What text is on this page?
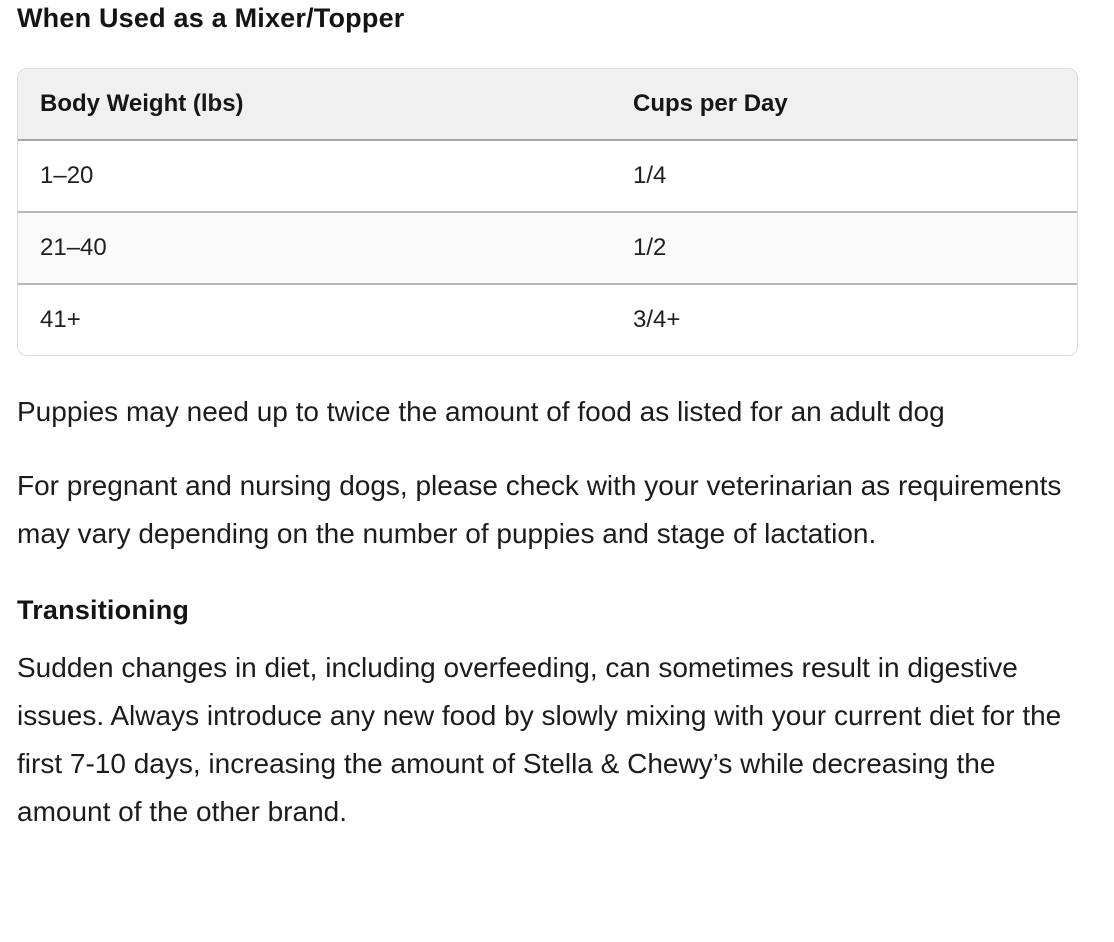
When Used as a Mixer/Topper
Body Weight (lbs)	Cups per Day
1–20	1/4
21–40	1/2
41+	3/4+

Puppies may need up to twice the amount of food as listed for an adult dog

For pregnant and nursing dogs, please check with your veterinarian as requirements may vary depending on the number of puppies and stage of lactation.

Transitioning

Sudden changes in diet, including overfeeding, can sometimes result in digestive issues. Always introduce any new food by slowly mixing with your current diet for the first 7-10 days, increasing the amount of Stella & Chewy’s while decreasing the amount of the other brand.
